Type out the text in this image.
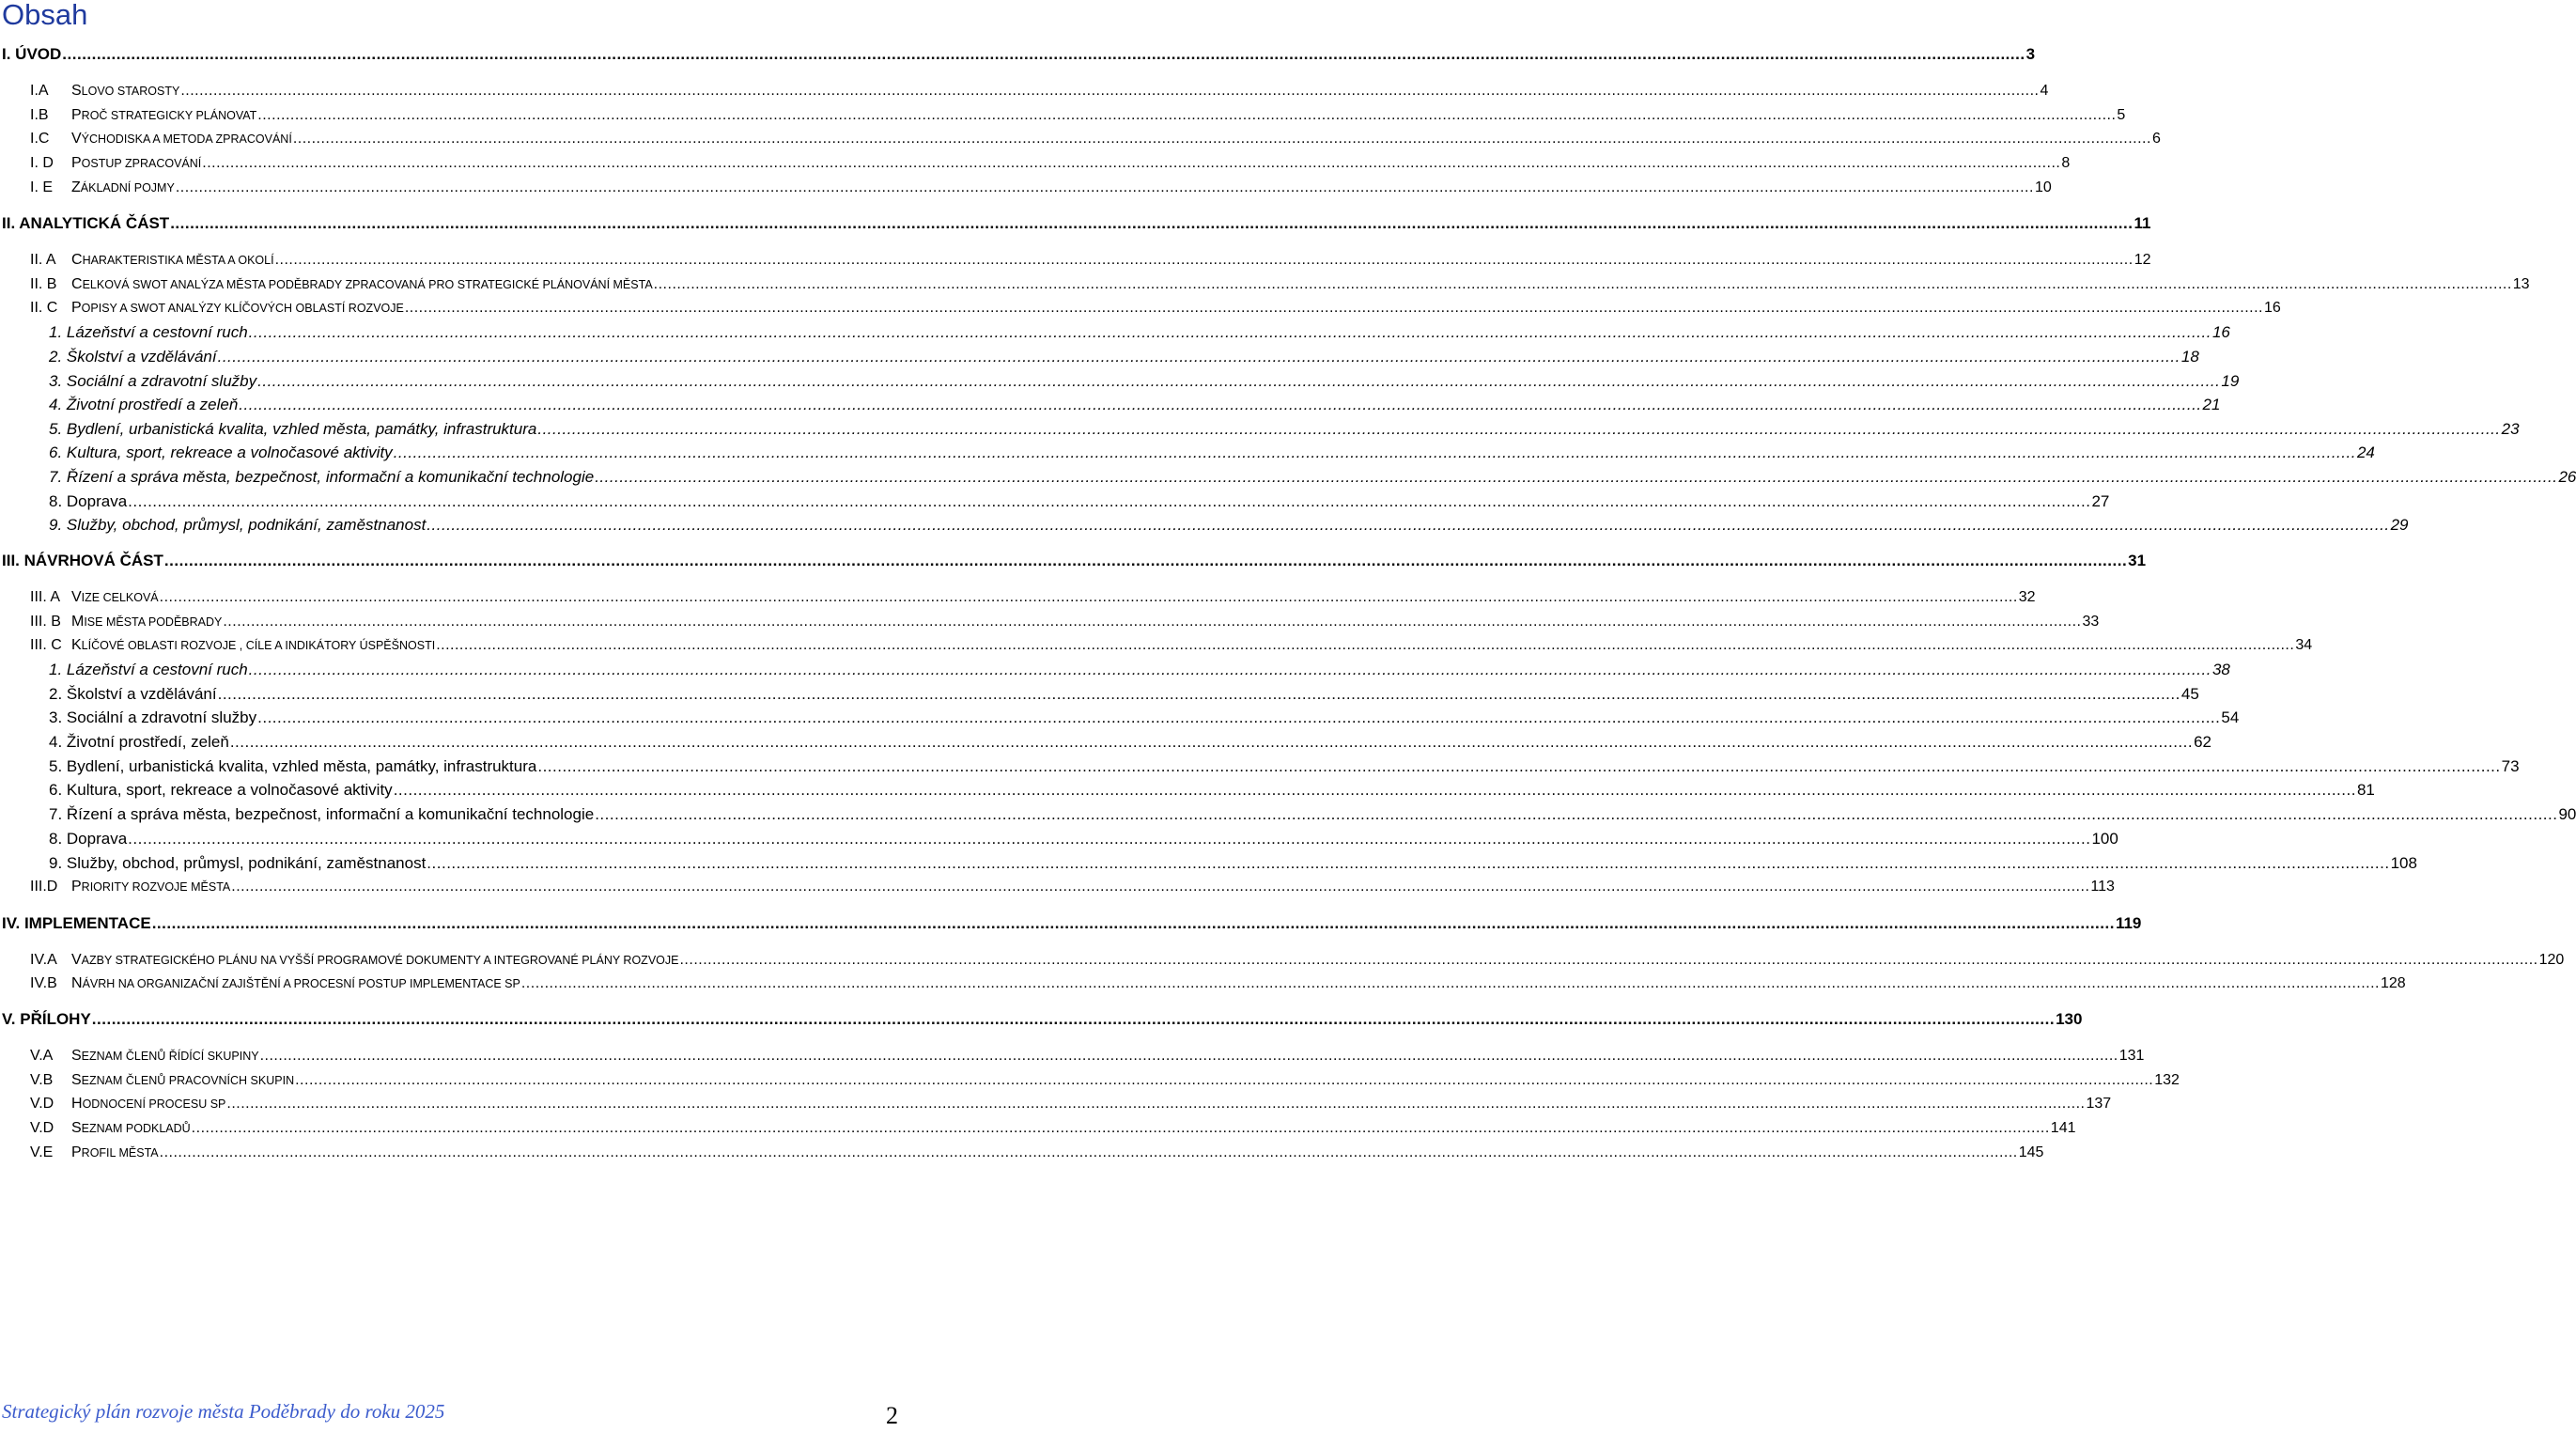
Obsah
I. ÚVOD ................................................................................................................................................................................................................................................................................................................................................................................................................ 3
I.A SLOVO STAROSTY ................................................................................................................................................................................................................................................................................................................................................................................................................ 4
I.B PROČ STRATEGICKY PLÁNOVAT ................................................................................................................................................................................................................................................................................................................................................................................................................ 5
I.C VÝCHODISKA A METODA ZPRACOVÁNÍ ................................................................................................................................................................................................................................................................................................................................................................................................................ 6
I. D POSTUP ZPRACOVÁNÍ ................................................................................................................................................................................................................................................................................................................................................................................................................ 8
I. E ZÁKLADNÍ POJMY ................................................................................................................................................................................................................................................................................................................................................................................................................ 10
II. ANALYTICKÁ ČÁST ................................................................................................................................................................................................................................................................................................................................................................................................................ 11
II. A CHARAKTERISTIKA MĚSTA A OKOLÍ ................................................................................................................................................................................................................................................................................................................................................................................................................ 12
II. B CELKOVÁ SWOT ANALÝZA MĚSTA PODĚBRADY ZPRACOVANÁ PRO STRATEGICKÉ PLÁNOVÁNÍ MĚSTA ................................................................................................................................................................................................................................................................................................................................................................................................................ 13
II. C POPISY A SWOT ANALÝZY KLÍČOVÝCH OBLASTÍ ROZVOJE ................................................................................................................................................................................................................................................................................................................................................................................................................ 16
1. Lázeňství a cestovní ruch ................................................................................................................................................................................................................................................................................................................................................................................................................ 16
2. Školství a vzdělávání ................................................................................................................................................................................................................................................................................................................................................................................................................ 18
3. Sociální a zdravotní služby ................................................................................................................................................................................................................................................................................................................................................................................................................ 19
4. Životní prostředí a zeleň ................................................................................................................................................................................................................................................................................................................................................................................................................ 21
5. Bydlení, urbanistická kvalita, vzhled města, památky, infrastruktura ................................................................................................................................................................................................................................................................................................................................................................................................................ 23
6. Kultura, sport, rekreace a volnočasové aktivity ................................................................................................................................................................................................................................................................................................................................................................................................................ 24
7. Řízení a správa města, bezpečnost, informační a komunikační technologie ................................................................................................................................................................................................................................................................................................................................................................................................................ 26
8. Doprava ................................................................................................................................................................................................................................................................................................................................................................................................................ 27
9. Služby, obchod, průmysl, podnikání, zaměstnanost ................................................................................................................................................................................................................................................................................................................................................................................................................ 29
III. NÁVRHOVÁ ČÁST ................................................................................................................................................................................................................................................................................................................................................................................................................ 31
III. A VIZE CELKOVÁ ................................................................................................................................................................................................................................................................................................................................................................................................................ 32
III. B MISE MĚSTA PODĚBRADY ................................................................................................................................................................................................................................................................................................................................................................................................................ 33
III. C KLÍČOVÉ OBLASTI ROZVOJE , CÍLE A INDIKÁTORY ÚSPĚŠNOSTI ................................................................................................................................................................................................................................................................................................................................................................................................................ 34
1. Lázeňství a cestovní ruch ................................................................................................................................................................................................................................................................................................................................................................................................................ 38
2. Školství a vzdělávání ................................................................................................................................................................................................................................................................................................................................................................................................................ 45
3. Sociální a zdravotní služby ................................................................................................................................................................................................................................................................................................................................................................................................................ 54
4. Životní prostředí, zeleň ................................................................................................................................................................................................................................................................................................................................................................................................................ 62
5. Bydlení, urbanistická kvalita, vzhled města, památky, infrastruktura ................................................................................................................................................................................................................................................................................................................................................................................................................ 73
6. Kultura, sport, rekreace a volnočasové aktivity ................................................................................................................................................................................................................................................................................................................................................................................................................ 81
7. Řízení a správa města, bezpečnost, informační a komunikační technologie ................................................................................................................................................................................................................................................................................................................................................................................................................ 90
8. Doprava ................................................................................................................................................................................................................................................................................................................................................................................................................ 100
9. Služby, obchod, průmysl, podnikání, zaměstnanost ................................................................................................................................................................................................................................................................................................................................................................................................................ 108
III.D PRIORITY ROZVOJE MĚSTA ................................................................................................................................................................................................................................................................................................................................................................................................................ 113
IV. IMPLEMENTACE ................................................................................................................................................................................................................................................................................................................................................................................................................ 119
IV.A VAZBY STRATEGICKÉHO PLÁNU NA VYŠŠÍ PROGRAMOVÉ DOKUMENTY A INTEGROVANÉ PLÁNY ROZVOJE ................................................................................................................................................................................................................................................................................................................................................................................................................ 120
IV.B NÁVRH NA ORGANIZAČNÍ ZAJIŠTĚNÍ A PROCESNÍ POSTUP IMPLEMENTACE SP ................................................................................................................................................................................................................................................................................................................................................................................................................ 128
V. PŘÍLOHY ................................................................................................................................................................................................................................................................................................................................................................................................................ 130
V.A SEZNAM ČLENŮ ŘÍDÍCÍ SKUPINY ................................................................................................................................................................................................................................................................................................................................................................................................................ 131
V.B SEZNAM ČLENŮ PRACOVNÍCH SKUPIN ................................................................................................................................................................................................................................................................................................................................................................................................................ 132
V.D HODNOCENÍ PROCESU SP ................................................................................................................................................................................................................................................................................................................................................................................................................ 137
V.D SEZNAM PODKLADŮ ................................................................................................................................................................................................................................................................................................................................................................................................................ 141
V.E PROFIL MĚSTA ................................................................................................................................................................................................................................................................................................................................................................................................................ 145
Strategický plán rozvoje města Poděbrady do roku 2025	2
